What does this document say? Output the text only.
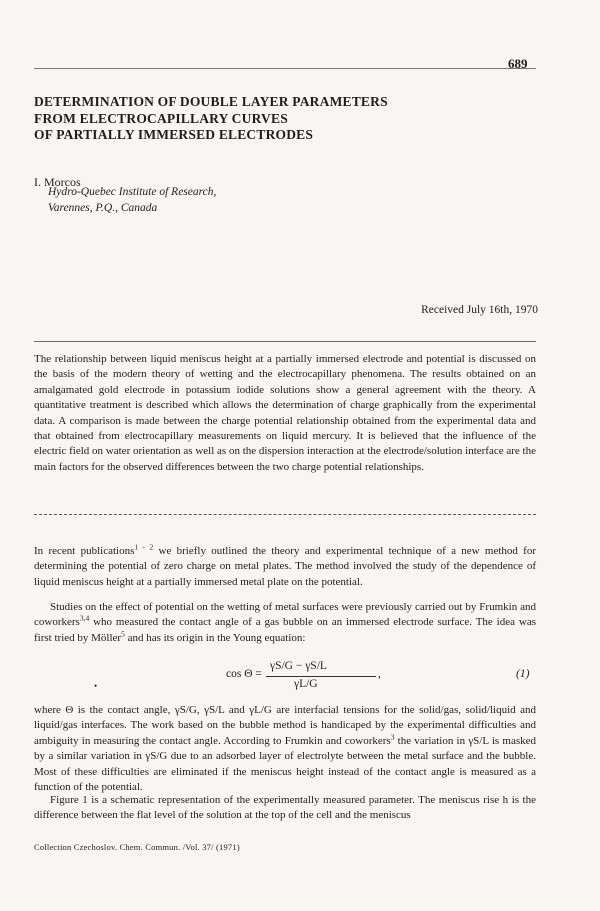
689
DETERMINATION OF DOUBLE LAYER PARAMETERS
FROM ELECTROCAPILLARY CURVES
OF PARTIALLY IMMERSED ELECTRODES
I. Morcos
Hydro-Quebec Institute of Research,
Varennes, P.Q., Canada
Received July 16th, 1970
The relationship between liquid meniscus height at a partially immersed electrode and potential is discussed on the basis of the modern theory of wetting and the electrocapillary phenomena. The results obtained on an amalgamated gold electrode in potassium iodide solutions show a general agreement with the theory. A quantitative treatment is described which allows the determination of charge graphically from the experimental data. A comparison is made between the charge potential relationship obtained from the experimental data and that obtained from electrocapillary measurements on liquid mercury. It is believed that the influence of the electric field on water orientation as well as on the dispersion interaction at the electrode/solution interface are the main factors for the observed differences between the two charge potential relationships.
In recent publications$^{1 - 2}$ we briefly outlined the theory and experimental technique of a new method for determining the potential of zero charge on metal plates. The method involved the study of the dependence of liquid meniscus height at a partially immersed metal plate on the potential.
Studies on the effect of potential on the wetting of metal surfaces were previously carried out by Frumkin and coworkers$^{3,4}$ who measured the contact angle of a gas bubble on an immersed electrode surface. The idea was first tried by Möller$^5$ and has its origin in the Young equation:
cos Θ =
γS/G − γS/L
γL/G
,	(1)
•
where Θ is the contact angle, γS/G, γS/L and γL/G are interfacial tensions for the solid/gas, solid/liquid and liquid/gas interfaces. The work based on the bubble method is handicaped by the experimental difficulties and ambiguity in measuring the contact angle. According to Frumkin and coworkers$^3$ the variation in γS/L is masked by a similar variation in γS/G due to an adsorbed layer of electrolyte between the metal surface and the bubble. Most of these difficulties are eliminated if the meniscus height instead of the contact angle is measured as a function of the potential.
Figure 1 is a schematic representation of the experimentally measured parameter. The meniscus rise h is the difference between the flat level of the solution at the top of the cell and the meniscus
Collection Czechoslov. Chem. Commun. /Vol. 37/ (1971)
